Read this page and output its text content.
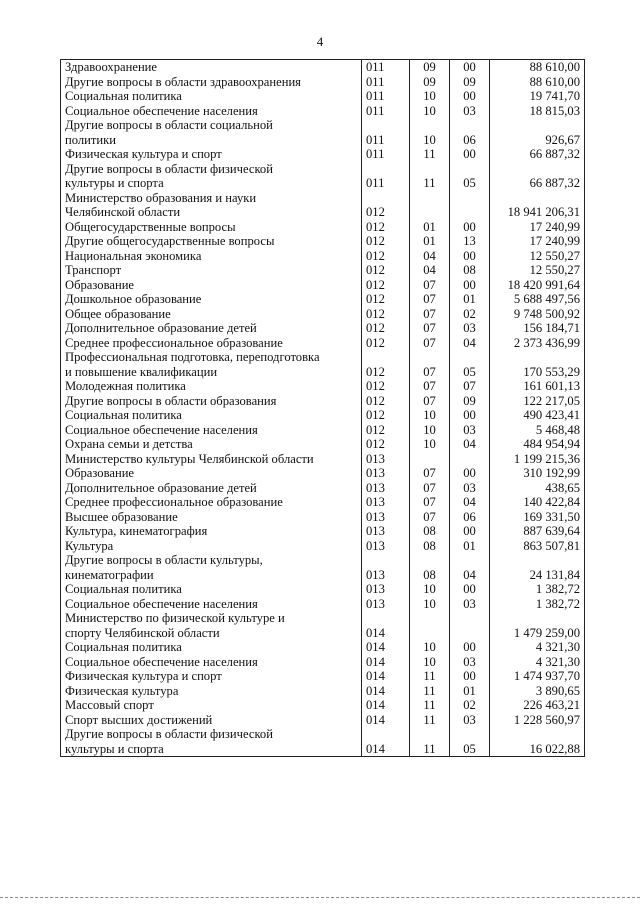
4
Здравоохранение	011	09	00	88 610,00

Другие вопросы в области здравоохранения	011	09	09	88 610,00

Социальная политика	011	10	00	19 741,70

Социальное обеспечение населения	011	10	03	18 815,03

Другие вопросы в области социальной
политики	011	10	06	926,67

Физическая культура и спорт	011	11	00	66 887,32

Другие вопросы в области физической
культуры и спорта	011	11	05	66 887,32

Министерство образования и науки
Челябинской области	012			18 941 206,31

Общегосударственные вопросы	012	01	00	17 240,99

Другие общегосударственные вопросы	012	01	13	17 240,99

Национальная экономика	012	04	00	12 550,27

Транспорт	012	04	08	12 550,27

Образование	012	07	00	18 420 991,64

Дошкольное образование	012	07	01	5 688 497,56

Общее образование	012	07	02	9 748 500,92

Дополнительное образование детей	012	07	03	156 184,71

Среднее профессиональное образование	012	07	04	2 373 436,99

Профессиональная подготовка, переподготовка
и повышение квалификации	012	07	05	170 553,29

Молодежная политика	012	07	07	161 601,13

Другие вопросы в области образования	012	07	09	122 217,05

Социальная политика	012	10	00	490 423,41

Социальное обеспечение населения	012	10	03	5 468,48

Охрана семьи и детства	012	10	04	484 954,94

Министерство культуры Челябинской области	013			1 199 215,36

Образование	013	07	00	310 192,99

Дополнительное образование детей	013	07	03	438,65

Среднее профессиональное образование	013	07	04	140 422,84

Высшее образование	013	07	06	169 331,50

Культура, кинематография	013	08	00	887 639,64

Культура	013	08	01	863 507,81

Другие вопросы в области культуры,
кинематографии	013	08	04	24 131,84

Социальная политика	013	10	00	1 382,72

Социальное обеспечение населения	013	10	03	1 382,72

Министерство по физической культуре и
спорту Челябинской области	014			1 479 259,00

Социальная политика	014	10	00	4 321,30

Социальное обеспечение населения	014	10	03	4 321,30

Физическая культура и спорт	014	11	00	1 474 937,70

Физическая культура	014	11	01	3 890,65

Массовый спорт	014	11	02	226 463,21

Спорт высших достижений	014	11	03	1 228 560,97

Другие вопросы в области физической
культуры и спорта	014	11	05	16 022,88
